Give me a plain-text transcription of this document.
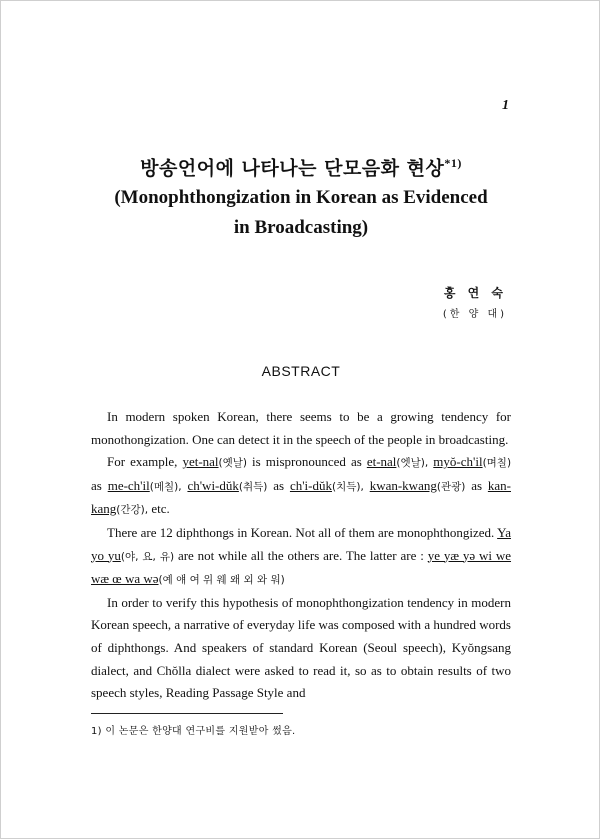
1
방송언어에 나타나는 단모음화 현상$^{*1)}$
(Monophthongization in Korean as Evidenced
in Broadcasting)
홍 연 숙
(한 양 대)
ABSTRACT

In modern spoken Korean, there seems to be a growing tendency for monothongization. One can detect it in the speech of the people in broadcasting.

For example, yet-nal(옛날) is mispronounced as et-nal(엣날), myŏ-ch'il(며칠) as me-ch'il(메칠), ch'wi-dŭk(취득) as ch'i-dŭk(치득), kwan-kwang(관광) as kan-kang(간강), etc.

There are 12 diphthongs in Korean. Not all of them are monophthongized. Ya yo yu(야, 요, 유) are not while all the others are. The latter are : ye yæ yə wi we wæ œ wa wə(예 얘 여 위 웨 왜 외 와 워)

In order to verify this hypothesis of monophthongization tendency in modern Korean speech, a narrative of everyday life was composed with a hundred words of diphthongs. And speakers of standard Korean (Seoul speech), Kyŏngsang dialect, and Chŏlla dialect were asked to read it, so as to obtain results of two speech styles, Reading Passage Style and

1) 이 논문은 한양대 연구비를 지원받아 썼음.
